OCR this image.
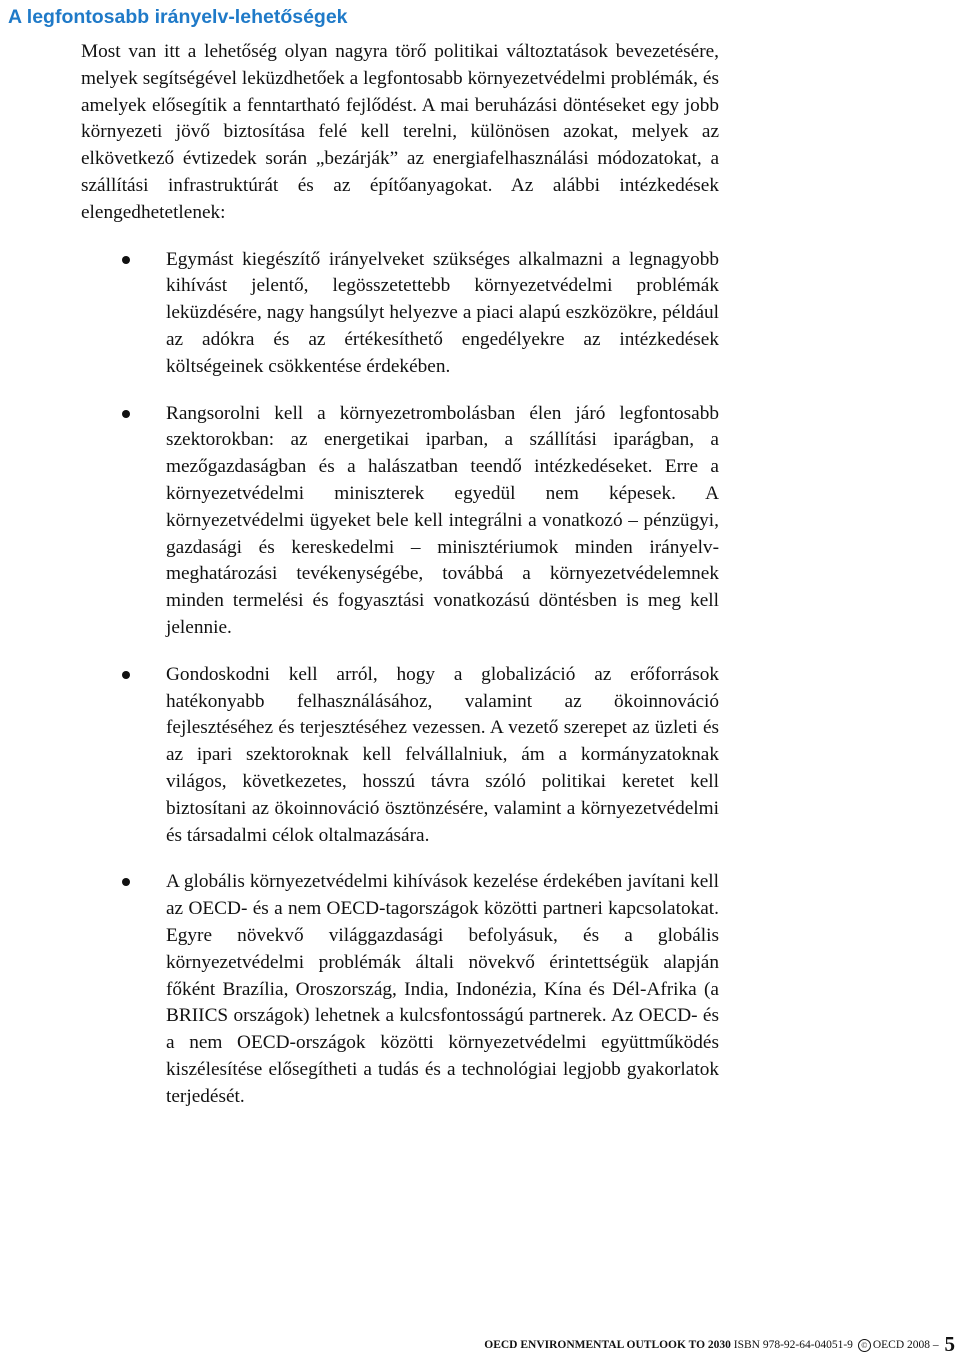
A legfontosabb irányelv-lehetőségek

Most van itt a lehetőség olyan nagyra törő politikai változtatások bevezetésére, melyek segítségével leküzdhetőek a legfontosabb környezetvédelmi problémák, és amelyek elősegítik a fenntartható fejlődést. A mai beruházási döntéseket egy jobb környezeti jövő biztosítása felé kell terelni, különösen azokat, melyek az elkövetkező évtizedek során „bezárják” az energiafelhasználási módozatokat, a szállítási infrastruktúrát és az építőanyagokat. Az alábbi intézkedések elengedhetetlenek:

Egymást kiegészítő irányelveket szükséges alkalmazni a legnagyobb kihívást jelentő, legösszetettebb környezetvédelmi problémák leküzdésére, nagy hangsúlyt helyezve a piaci alapú eszközökre, például az adókra és az értékesíthető engedélyekre az intézkedések költségeinek csökkentése érdekében.
Rangsorolni kell a környezetrombolásban élen járó legfontosabb szektorokban: az energetikai iparban, a szállítási iparágban, a mezőgazdaságban és a halászatban teendő intézkedéseket. Erre a környezetvédelmi miniszterek egyedül nem képesek. A környezetvédelmi ügyeket bele kell integrálni a vonatkozó – pénzügyi, gazdasági és kereskedelmi – minisztériumok minden irányelv-meghatározási tevékenységébe, továbbá a környezetvédelemnek minden termelési és fogyasztási vonatkozású döntésben is meg kell jelennie.
Gondoskodni kell arról, hogy a globalizáció az erőforrások hatékonyabb felhasználásához, valamint az ökoinnováció fejlesztéséhez és terjesztéséhez vezessen. A vezető szerepet az üzleti és az ipari szektoroknak kell felvállalniuk, ám a kormányzatoknak világos, következetes, hosszú távra szóló politikai keretet kell biztosítani az ökoinnováció ösztönzésére, valamint a környezetvédelmi és társadalmi célok oltalmazására.
A globális környezetvédelmi kihívások kezelése érdekében javítani kell az OECD- és a nem OECD-tagországok közötti partneri kapcsolatokat. Egyre növekvő világgazdasági befolyásuk, és a globális környezetvédelmi problémák általi növekvő érintettségük alapján főként Brazília, Oroszország, India, Indonézia, Kína és Dél-Afrika (a BRIICS országok) lehetnek a kulcsfontosságú partnerek. Az OECD- és a nem OECD-országok közötti környezetvédelmi együttműködés kiszélesítése elősegítheti a tudás és a technológiai legjobb gyakorlatok terjedését.
OECD ENVIRONMENTAL OUTLOOK TO 2030 ISBN 978-92-64-04051-9 © OECD 2008 – 5
